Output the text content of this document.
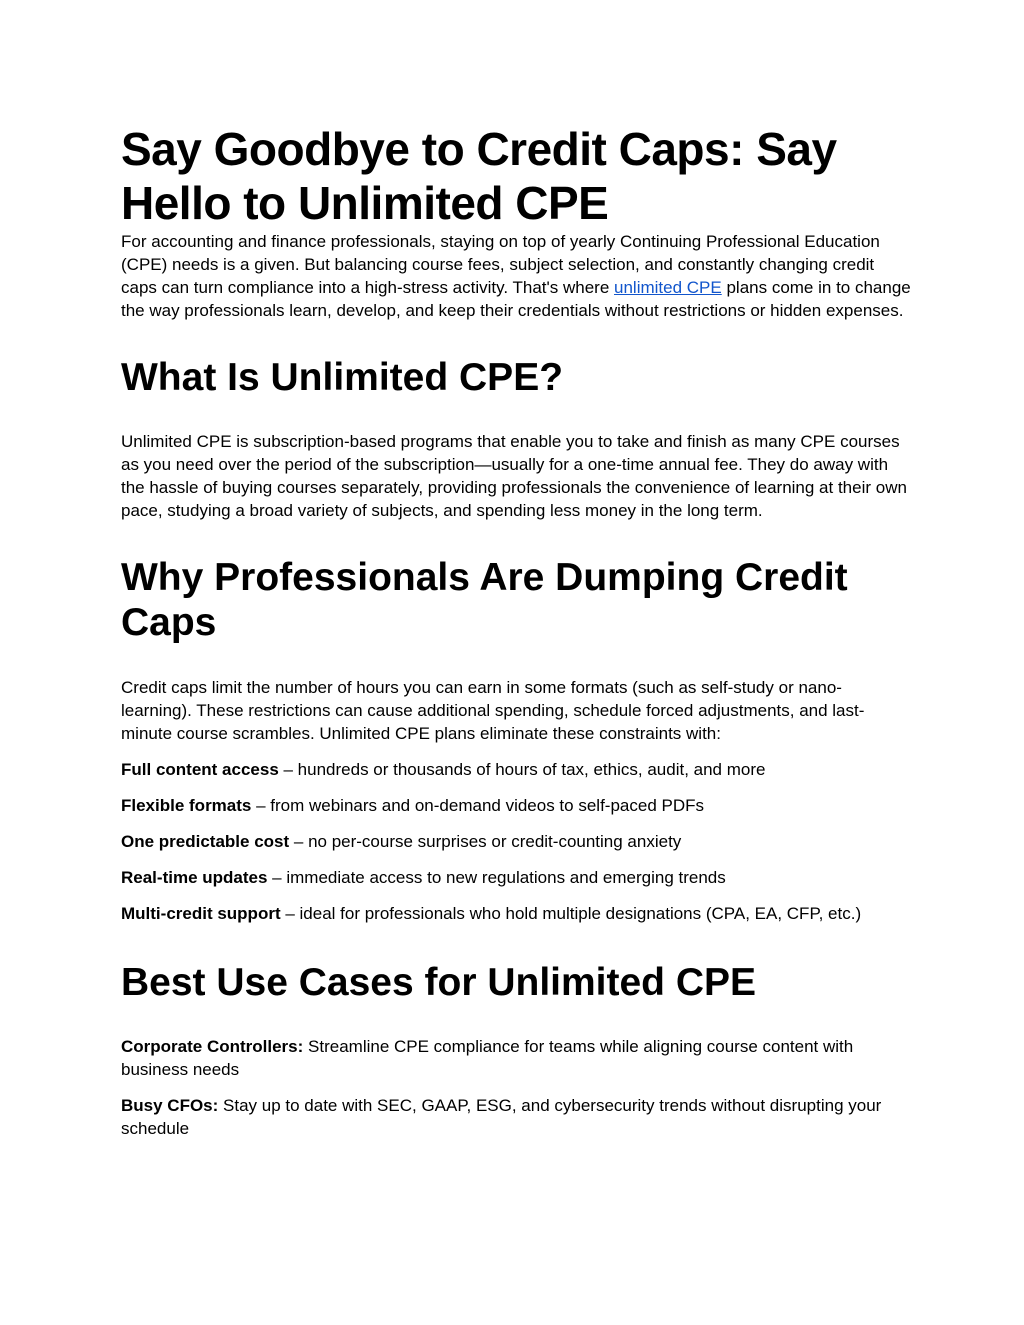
Say Goodbye to Credit Caps: Say Hello to Unlimited CPE

For accounting and finance professionals, staying on top of yearly Continuing Professional Education (CPE) needs is a given. But balancing course fees, subject selection, and constantly changing credit caps can turn compliance into a high-stress activity. That's where unlimited CPE plans come in to change the way professionals learn, develop, and keep their credentials without restrictions or hidden expenses.

What Is Unlimited CPE?

Unlimited CPE is subscription-based programs that enable you to take and finish as many CPE courses as you need over the period of the subscription—usually for a one-time annual fee. They do away with the hassle of buying courses separately, providing professionals the convenience of learning at their own pace, studying a broad variety of subjects, and spending less money in the long term.

Why Professionals Are Dumping Credit Caps

Credit caps limit the number of hours you can earn in some formats (such as self-study or nano-learning). These restrictions can cause additional spending, schedule forced adjustments, and last-minute course scrambles. Unlimited CPE plans eliminate these constraints with:

Full content access – hundreds or thousands of hours of tax, ethics, audit, and more

Flexible formats – from webinars and on-demand videos to self-paced PDFs

One predictable cost – no per-course surprises or credit-counting anxiety

Real-time updates – immediate access to new regulations and emerging trends

Multi-credit support – ideal for professionals who hold multiple designations (CPA, EA, CFP, etc.)

Best Use Cases for Unlimited CPE

Corporate Controllers: Streamline CPE compliance for teams while aligning course content with business needs

Busy CFOs: Stay up to date with SEC, GAAP, ESG, and cybersecurity trends without disrupting your schedule
